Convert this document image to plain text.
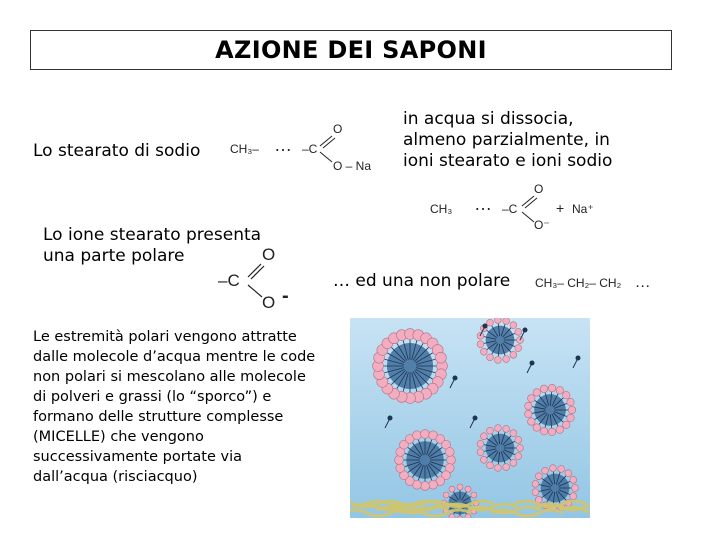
AZIONE DEI SAPONI
Lo stearato di sodio CH₃– … –C
O
O – Na
in acqua si dissocia,
almeno parzialmente, in
ioni stearato e ioni sodio
CH₃ … –C
O
O⁻
+ Na⁺
Lo ione stearato presenta
una parte polare
–C
O
O -
… ed una non polare CH₃– CH₂– CH₂ …
Le estremità polari vengono attratte
dalle molecole d’acqua mentre le code
non polari si mescolano alle molecole
di polveri e grassi (lo “sporco”) e
formano delle strutture complesse
(MICELLE) che vengono
successivamente portate via
dall’acqua (risciacquo)
